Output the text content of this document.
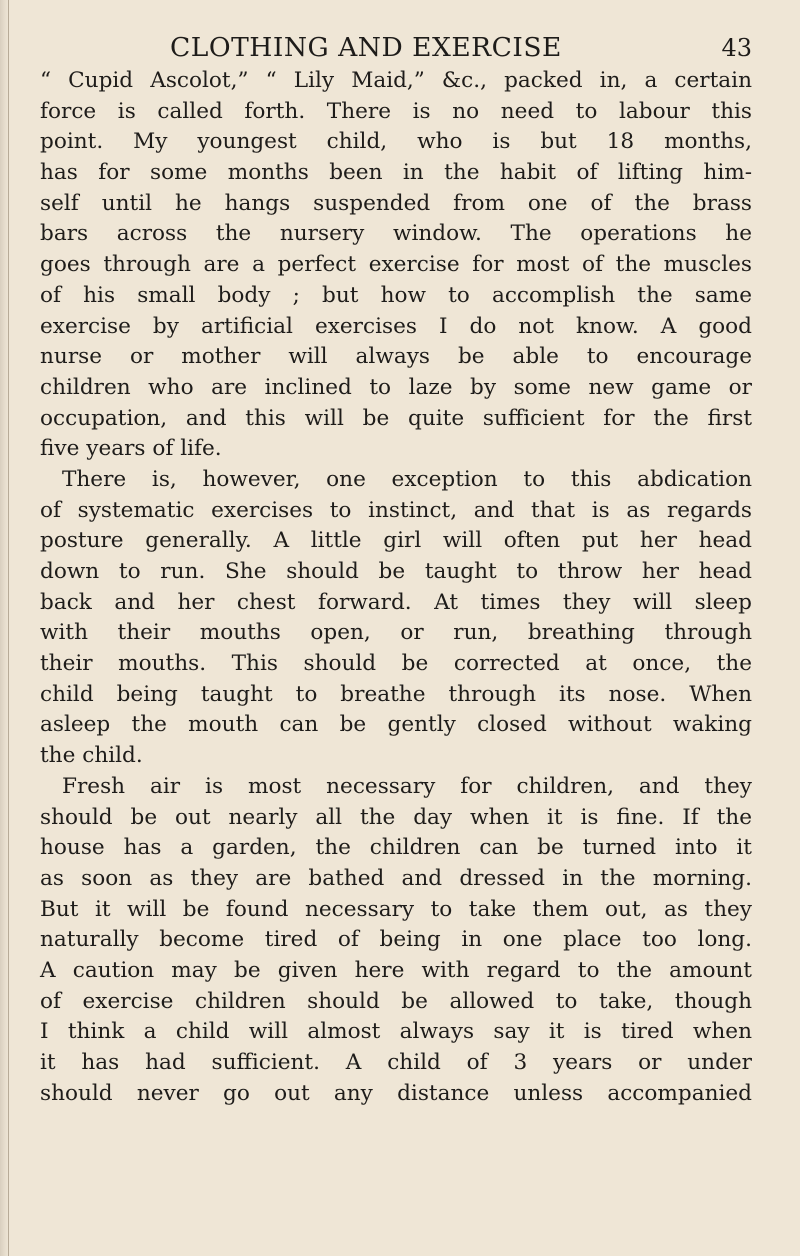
CLOTHING AND EXERCISE	43
“ Cupid Ascolot,” “ Lily Maid,” &c., packed in, a certain
force is called forth. There is no need to labour this
point. My youngest child, who is but 18 months,
has for some months been in the habit of lifting him-
self until he hangs suspended from one of the brass
bars across the nursery window. The operations he
goes through are a perfect exercise for most of the muscles
of his small body ; but how to accomplish the same
exercise by artificial exercises I do not know. A good
nurse or mother will always be able to encourage
children who are inclined to laze by some new game or
occupation, and this will be quite sufficient for the first
five years of life.
There is, however, one exception to this abdication
of systematic exercises to instinct, and that is as regards
posture generally. A little girl will often put her head
down to run. She should be taught to throw her head
back and her chest forward. At times they will sleep
with their mouths open, or run, breathing through
their mouths. This should be corrected at once, the
child being taught to breathe through its nose. When
asleep the mouth can be gently closed without waking
the child.
Fresh air is most necessary for children, and they
should be out nearly all the day when it is fine. If the
house has a garden, the children can be turned into it
as soon as they are bathed and dressed in the morning.
But it will be found necessary to take them out, as they
naturally become tired of being in one place too long.
A caution may be given here with regard to the amount
of exercise children should be allowed to take, though
I think a child will almost always say it is tired when
it has had sufficient. A child of 3 years or under
should never go out any distance unless accompanied
